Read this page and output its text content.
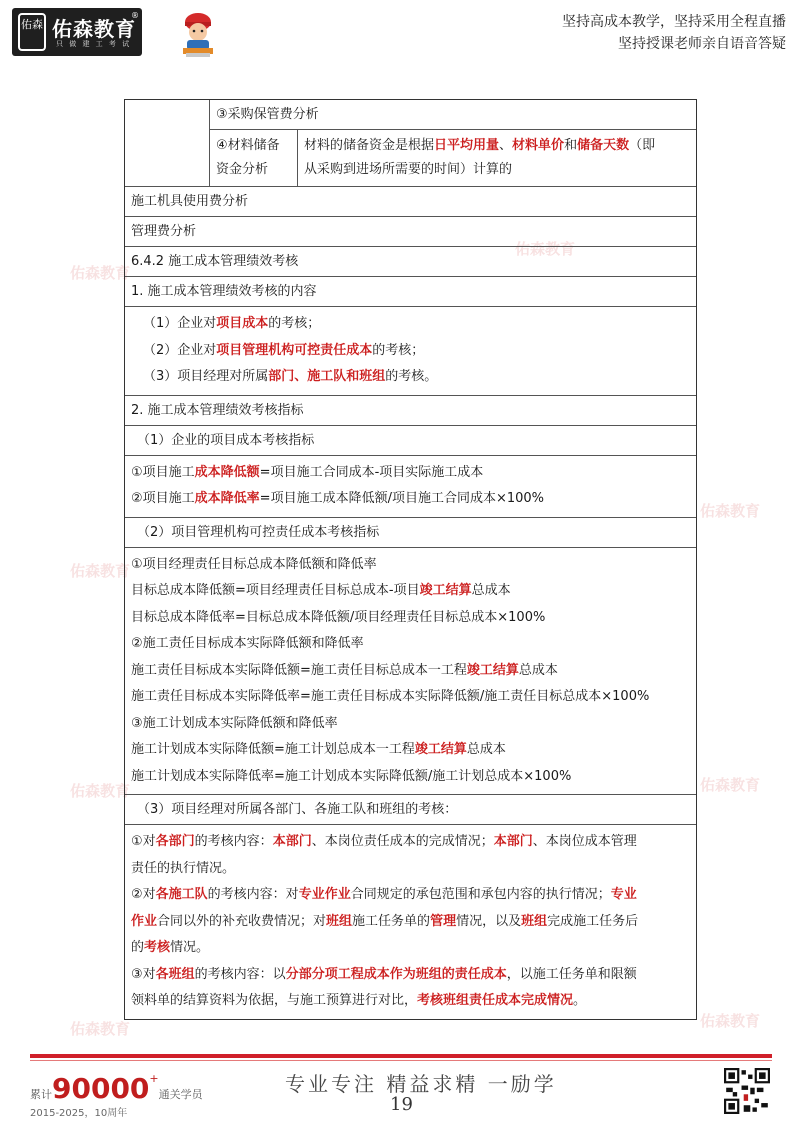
佑森 佑森教育
®
只 做 建 工 考 试
坚持高成本教学，坚持采用全程直播
坚持授课老师亲自语音答疑
佑森教育
佑森教育
佑森教育
佑森教育
佑森教育	佑森教育
佑森教育	佑森教育
③采购保管费分析
④材料储备
资金分析
材料的储备资金是根据日平均用量、材料单价和储备天数（即
从采购到进场所需要的时间）计算的
施工机具使用费分析
管理费分析
6.4.2 施工成本管理绩效考核
1. 施工成本管理绩效考核的内容
（1）企业对项目成本的考核；
（2）企业对项目管理机构可控责任成本的考核；
（3）项目经理对所属部门、施工队和班组的考核。
2. 施工成本管理绩效考核指标
（1）企业的项目成本考核指标
①项目施工成本降低额=项目施工合同成本-项目实际施工成本
②项目施工成本降低率=项目施工成本降低额/项目施工合同成本×100%
（2）项目管理机构可控责任成本考核指标
①项目经理责任目标总成本降低额和降低率
目标总成本降低额=项目经理责任目标总成本-项目竣工结算总成本
目标总成本降低率=目标总成本降低额/项目经理责任目标总成本×100%
②施工责任目标成本实际降低额和降低率
施工责任目标成本实际降低额=施工责任目标总成本一工程竣工结算总成本
施工责任目标成本实际降低率=施工责任目标成本实际降低额/施工责任目标总成本×100%
③施工计划成本实际降低额和降低率
施工计划成本实际降低额=施工计划总成本一工程竣工结算总成本
施工计划成本实际降低率=施工计划成本实际降低额/施工计划总成本×100%
（3）项目经理对所属各部门、各施工队和班组的考核：
①对各部门的考核内容：本部门、本岗位责任成本的完成情况；本部门、本岗位成本管理
责任的执行情况。
②对各施工队的考核内容：对专业作业合同规定的承包范围和承包内容的执行情况；专业
作业合同以外的补充收费情况；对班组施工任务单的管理情况，以及班组完成施工任务后
的考核情况。
③对各班组的考核内容：以分部分项工程成本作为班组的责任成本，以施工任务单和限额
领料单的结算资料为依据，与施工预算进行对比，考核班组责任成本完成情况。
累计90000+通关学员
2015-2025，10周年
专业专注 精益求精 一励学
19
